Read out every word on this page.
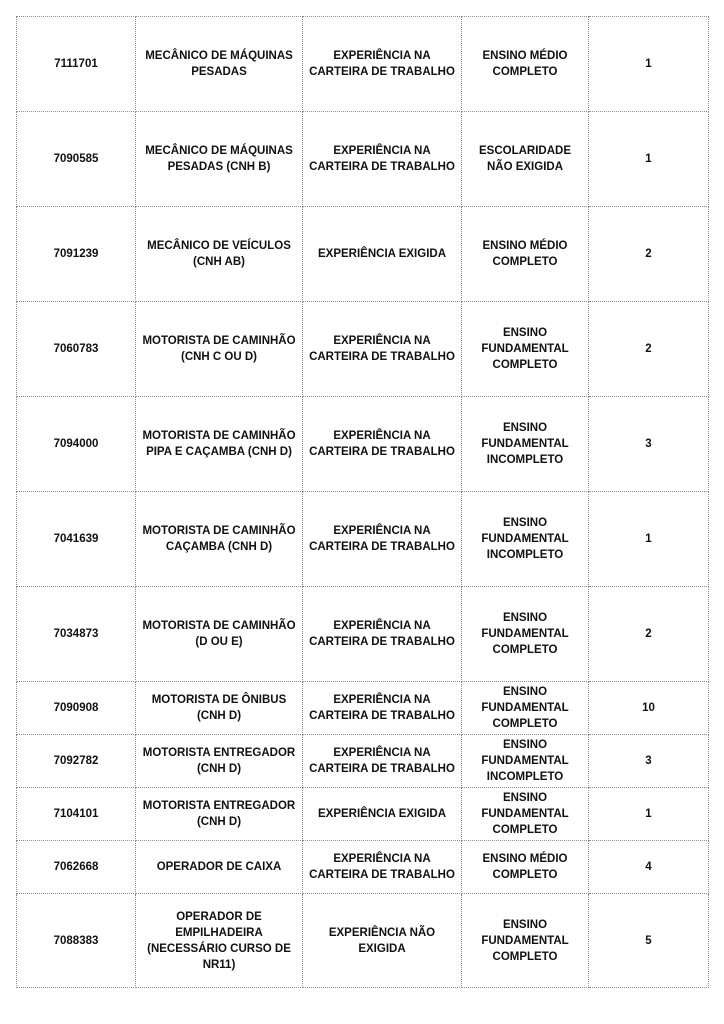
7111701	MECÂNICO DE MÁQUINAS PESADAS	EXPERIÊNCIA NA CARTEIRA DE TRABALHO	ENSINO MÉDIO COMPLETO	1
7090585	MECÂNICO DE MÁQUINAS PESADAS (CNH B)	EXPERIÊNCIA NA CARTEIRA DE TRABALHO	ESCOLARIDADE NÃO EXIGIDA	1
7091239	MECÂNICO DE VEÍCULOS (CNH AB)	EXPERIÊNCIA EXIGIDA	ENSINO MÉDIO COMPLETO	2
7060783	MOTORISTA DE CAMINHÃO (CNH C OU D)	EXPERIÊNCIA NA CARTEIRA DE TRABALHO	ENSINO FUNDAMENTAL COMPLETO	2
7094000	MOTORISTA DE CAMINHÃO PIPA E CAÇAMBA (CNH D)	EXPERIÊNCIA NA CARTEIRA DE TRABALHO	ENSINO FUNDAMENTAL INCOMPLETO	3
7041639	MOTORISTA DE CAMINHÃO CAÇAMBA (CNH D)	EXPERIÊNCIA NA CARTEIRA DE TRABALHO	ENSINO FUNDAMENTAL INCOMPLETO	1
7034873	MOTORISTA DE CAMINHÃO (D OU E)	EXPERIÊNCIA NA CARTEIRA DE TRABALHO	ENSINO FUNDAMENTAL COMPLETO	2
7090908	MOTORISTA DE ÔNIBUS (CNH D)	EXPERIÊNCIA NA CARTEIRA DE TRABALHO	ENSINO FUNDAMENTAL COMPLETO	10
7092782	MOTORISTA ENTREGADOR (CNH D)	EXPERIÊNCIA NA CARTEIRA DE TRABALHO	ENSINO FUNDAMENTAL INCOMPLETO	3
7104101	MOTORISTA ENTREGADOR (CNH D)	EXPERIÊNCIA EXIGIDA	ENSINO FUNDAMENTAL COMPLETO	1
7062668	OPERADOR DE CAIXA	EXPERIÊNCIA NA CARTEIRA DE TRABALHO	ENSINO MÉDIO COMPLETO	4
7088383	OPERADOR DE EMPILHADEIRA (NECESSÁRIO CURSO DE NR11)	EXPERIÊNCIA NÃO EXIGIDA	ENSINO FUNDAMENTAL COMPLETO	5
